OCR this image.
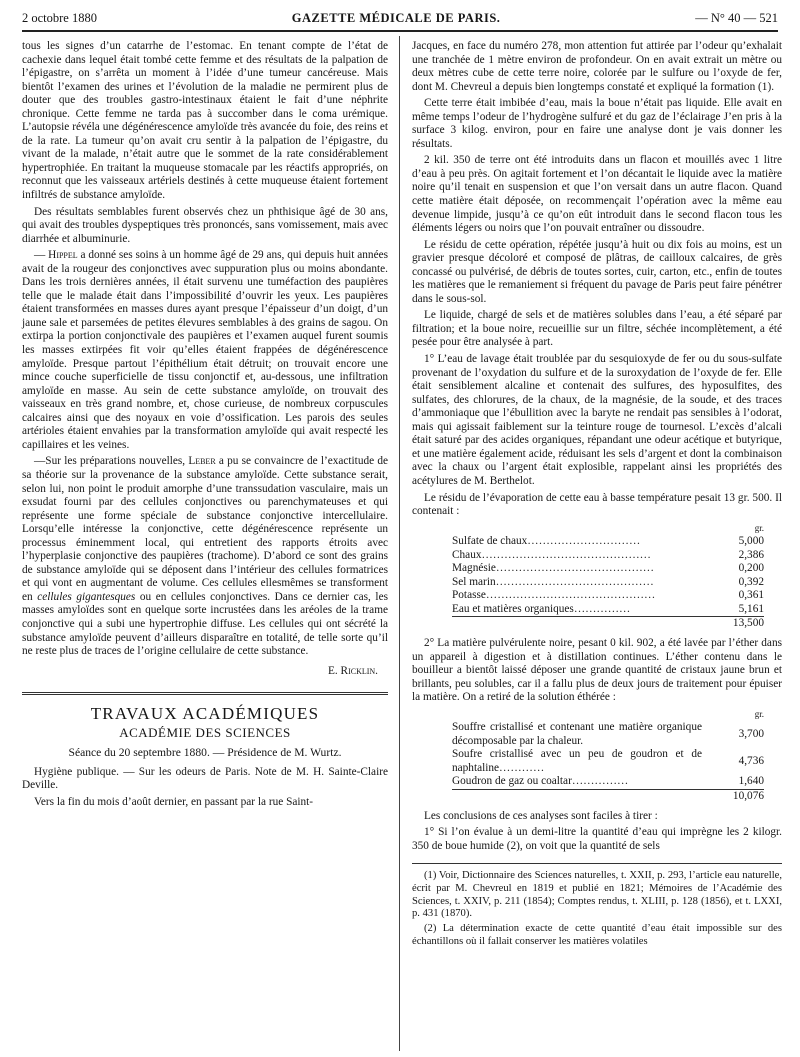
2 octobre 1880	GAZETTE MÉDICALE DE PARIS.	— N° 40 — 521

tous les signes d’un catarrhe de l’estomac. En tenant compte de l’état de cachexie dans lequel était tombé cette femme et des résultats de la palpation de l’épigastre, on s’arrêta un moment à l’idée d’une tumeur cancéreuse. Mais bientôt l’examen des urines et l’évolution de la maladie ne permirent plus de douter que des troubles gastro-intestinaux étaient le fait d’une néphrite chronique. Cette femme ne tarda pas à succomber dans le coma urémique. L’autopsie révéla une dégénérescence amyloïde très avancée du foie, des reins et de la rate. La tumeur qu’on avait cru sentir à la palpation de l’épigastre, du vivant de la malade, n’était autre que le sommet de la rate considérablement hypertrophiée. En traitant la muqueuse stomacale par les réactifs appropriés, on reconnut que les vaisseaux artériels destinés à cette muqueuse étaient fortement infiltrés de substance amyloïde.

Des résultats semblables furent observés chez un phthisique âgé de 30 ans, qui avait des troubles dyspeptiques très prononcés, sans vomissement, mais avec diarrhée et albuminurie.

— Hippel a donné ses soins à un homme âgé de 29 ans, qui depuis huit années avait de la rougeur des conjonctives avec suppuration plus ou moins abondante. Dans les trois dernières années, il était survenu une tuméfaction des paupières telle que le malade était dans l’impossibilité d’ouvrir les yeux. Les paupières étaient transformées en masses dures ayant presque l’épaisseur d’un doigt, d’un jaune sale et parsemées de petites élevures semblables à des grains de sagou. On extirpa la portion conjonctivale des paupières et l’examen auquel furent soumis les masses extirpées fit voir qu’elles étaient frappées de dégénérescence amyloïde. Presque partout l’épithélium était détruit; on trouvait encore une mince couche superficielle de tissu conjonctif et, au-dessous, une infiltration amyloïde en masse. Au sein de cette substance amyloïde, on trouvait des vaisseaux en très grand nombre, et, chose curieuse, de nombreux corpuscules calcaires ainsi que des noyaux en voie d’ossification. Les parois des seules artérioles étaient envahies par la transformation amyloïde qui avait respecté les capillaires et les veines.

—Sur les préparations nouvelles, Leber a pu se convaincre de l’exactitude de sa théorie sur la provenance de la substance amyloïde. Cette substance serait, selon lui, non point le produit amorphe d’une transsudation vasculaire, mais un exsudat fourni par des cellules conjonctives ou parenchymateuses et qui représente une forme spéciale de substance conjonctive intercellulaire. Lorsqu’elle intéresse la conjonctive, cette dégénérescence représente un processus éminemment local, qui entretient des rapports étroits avec l’hyperplasie conjonctive des paupières (trachome). D’abord ce sont des grains de substance amyloïde qui se déposent dans l’intérieur des cellules formatrices et qui vont en augmentant de volume. Ces cellules ellesmêmes se transforment en cellules gigantesques ou en cellules conjonctives. Dans ce dernier cas, les masses amyloïdes sont en quelque sorte incrustées dans les aréoles de la trame conjonctive qui a subi une hypertrophie diffuse. Les cellules qui ont sécrété la substance amyloïde peuvent d’ailleurs disparaître en totalité, de telle sorte qu’il ne reste plus de traces de l’origine cellulaire de cette substance.

E. Ricklin.
TRAVAUX ACADÉMIQUES
ACADÉMIE DES SCIENCES
Séance du 20 septembre 1880. — Présidence de M. Wurtz.

Hygiène publique. — Sur les odeurs de Paris. Note de M. H. Sainte-Claire Deville.

Vers la fin du mois d’août dernier, en passant par la rue Saint-

Jacques, en face du numéro 278, mon attention fut attirée par l’odeur qu’exhalait une tranchée de 1 mètre environ de profondeur. On en avait extrait un mètre ou deux mètres cube de cette terre noire, colorée par le sulfure ou l’oxyde de fer, dont M. Chevreul a depuis bien longtemps constaté et expliqué la formation (1).

Cette terre était imbibée d’eau, mais la boue n’était pas liquide. Elle avait en même temps l’odeur de l’hydrogène sulfuré et du gaz de l’éclairage J’en pris à la surface 3 kilog. environ, pour en faire une analyse dont je vais donner les résultats.

2 kil. 350 de terre ont été introduits dans un flacon et mouillés avec 1 litre d’eau à peu près. On agitait fortement et l’on décantait le liquide avec la matière noire qu’il tenait en suspension et que l’on versait dans un autre flacon. Quand cette matière était déposée, on recommençait l’opération avec la même eau devenue limpide, jusqu’à ce qu’on eût introduit dans le second flacon tous les éléments légers ou noirs que l’on pouvait entraîner ou dissoudre.

Le résidu de cette opération, répétée jusqu’à huit ou dix fois au moins, est un gravier presque décoloré et composé de plâtras, de cailloux calcaires, de grès concassé ou pulvérisé, de débris de toutes sortes, cuir, carton, etc., enfin de toutes les matières que le remaniement si fréquent du pavage de Paris peut faire pénétrer dans le sous-sol.

Le liquide, chargé de sels et de matières solubles dans l’eau, a été séparé par filtration; et la boue noire, recueillie sur un filtre, séchée incomplètement, a été pesée pour être analysée à part.

1° L’eau de lavage était troublée par du sesquioxyde de fer ou du sous-sulfate provenant de l’oxydation du sulfure et de la suroxydation de l’oxyde de fer. Elle était sensiblement alcaline et contenait des sulfures, des hyposulfites, des sulfates, des chlorures, de la chaux, de la magnésie, de la soude, et des traces d’ammoniaque que l’ébullition avec la baryte ne rendait pas sensibles à l’odorat, mais qui agissait faiblement sur la teinture rouge de tournesol. L’excès d’alcali était saturé par des acides organiques, répandant une odeur acétique et butyrique, et une matière également acide, réduisant les sels d’argent et dont la combinaison avec la chaux ou l’argent était explosible, rappelant ainsi les propriétés des acétylures de M. Berthelot.

Le résidu de l’évaporation de cette eau à basse température pesait 13 gr. 500. Il contenait :

	gr.
Sulfate de chaux…………………………	5,000
Chaux………………………………………	2,386
Magnésie……………………………………	0,200
Sel marin……………………………………	0,392
Potasse………………………………………	0,361
Eau et matières organiques……………	5,161
	13,500

2° La matière pulvérulente noire, pesant 0 kil. 902, a été lavée par l’éther dans un appareil à digestion et à distillation continues. L’éther contenu dans le bouilleur a bientôt laissé déposer une grande quantité de cristaux jaune brun et brillants, peu solubles, car il a fallu plus de deux jours de traitement pour épuiser la matière. On a retiré de la solution éthérée :

	gr.
Souffre cristallisé et contenant une matière organique décomposable par la chaleur.	3,700
Soufre cristallisé avec un peu de goudron et de naphtaline…………	4,736
Goudron de gaz ou coaltar……………	1,640
	10,076

Les conclusions de ces analyses sont faciles à tirer :

1° Si l’on évalue à un demi-litre la quantité d’eau qui imprègne les 2 kilogr. 350 de boue humide (2), on voit que la quantité de sels

(1) Voir, Dictionnaire des Sciences naturelles, t. XXII, p. 293, l’article eau naturelle, écrit par M. Chevreul en 1819 et publié en 1821; Mémoires de l’Académie des Sciences, t. XXIV, p. 211 (1854); Comptes rendus, t. XLIII, p. 128 (1856), et t. LXXI, p. 431 (1870).

(2) La détermination exacte de cette quantité d’eau était impossible sur des échantillons où il fallait conserver les matières volatiles
